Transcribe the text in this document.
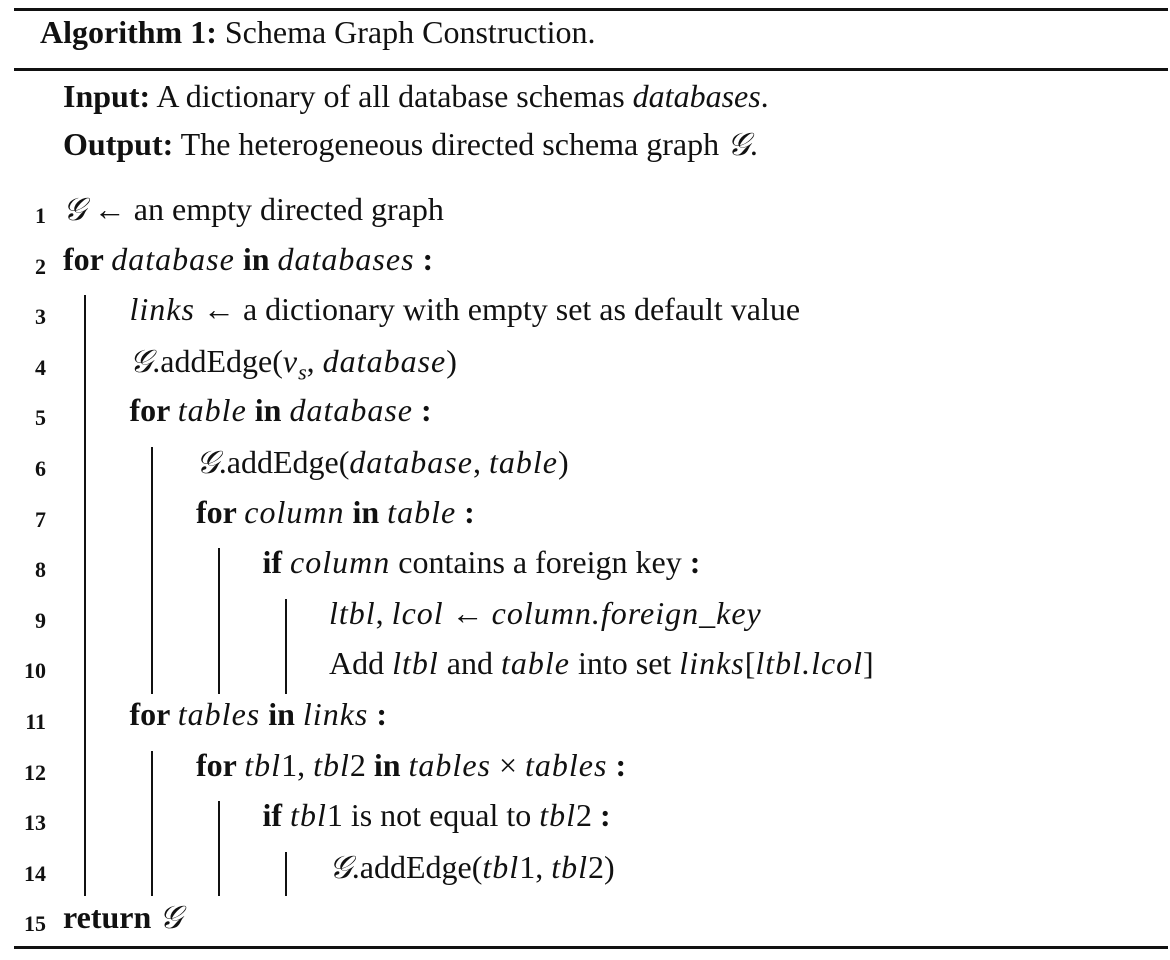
Algorithm 1: Schema Graph Construction.
Input: A dictionary of all database schemas databases.
Output: The heterogeneous directed schema graph 𝒢.
1 𝒢 ← an empty directed graph
2 for database in databases :
3	links ← a dictionary with empty set as default value
4	$𝒢.addEdge(v_s$, database)
5	for table in database :
6	𝒢.addEdge(database, table)
7	for column in table :
8	if column contains a foreign key :
9	ltbl, lcol ← column.foreign_key
10	Add ltbl and table into set links[ltbl.lcol]
11	for tables in links :
12	for tbl1, tbl2 in tables × tables :
13	if tbl1 is not equal to tbl2 :
14	𝒢.addEdge(tbl1, tbl2)
15 return 𝒢
